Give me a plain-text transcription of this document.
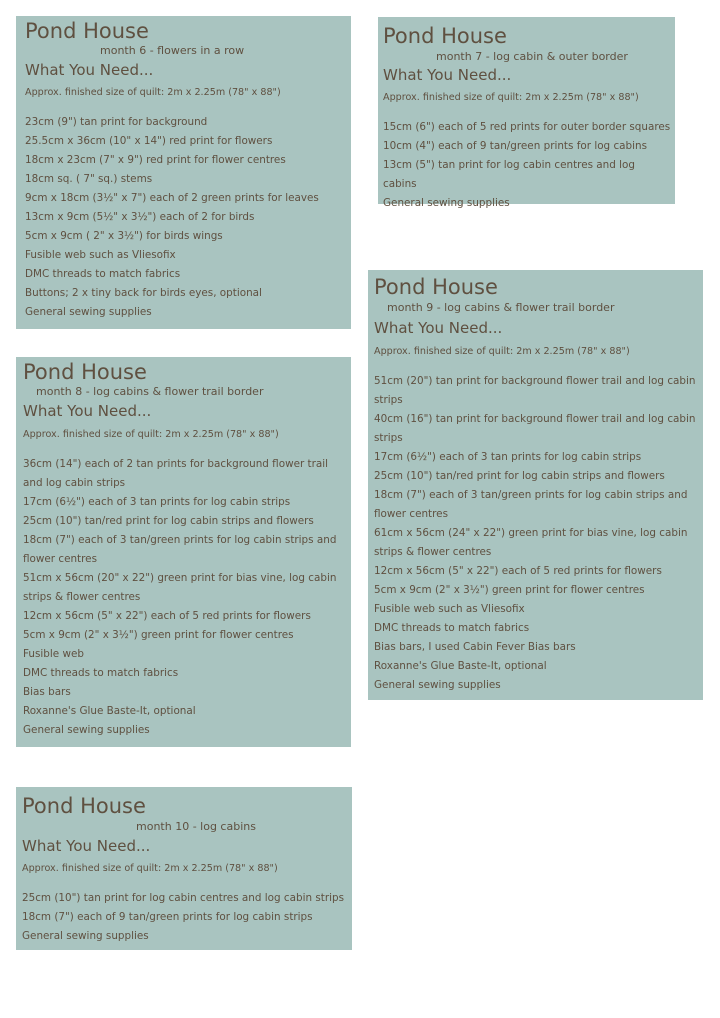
Pond House
month 6 - flowers in a row
What You Need...
Approx. finished size of quilt: 2m x 2.25m (78" x 88")
23cm (9") tan print for background
25.5cm x 36cm (10" x 14") red print for flowers
18cm x 23cm (7" x 9") red print for flower centres
18cm sq. ( 7" sq.) stems
9cm x 18cm (3½" x 7") each of 2 green prints for leaves
13cm x 9cm (5½" x 3½") each of 2 for birds
5cm x 9cm ( 2" x 3½") for birds wings
Fusible web such as Vliesofix
DMC threads to match fabrics
Buttons; 2 x tiny back for birds eyes, optional
General sewing supplies
Pond House
month 7 - log cabin & outer border
What You Need...
Approx. finished size of quilt: 2m x 2.25m (78" x 88")
15cm (6") each of 5 red prints for outer border squares
10cm (4") each of 9 tan/green prints for log cabins
13cm (5") tan print for log cabin centres and log cabins
General sewing supplies
Pond House
month 9 - log cabins & flower trail border
What You Need...
Approx. finished size of quilt: 2m x 2.25m (78" x 88")
51cm (20") tan print for background flower trail and log cabin strips
40cm (16") tan print for background flower trail and log cabin strips
17cm (6½") each of 3 tan prints for log cabin strips
25cm (10") tan/red print for log cabin strips and flowers
18cm (7") each of 3 tan/green prints for log cabin strips and flower centres
61cm x 56cm (24" x 22") green print for bias vine, log cabin strips & flower centres
12cm x 56cm (5" x 22") each of 5 red prints for flowers
5cm x 9cm (2" x 3½") green print for flower centres
Fusible web such as Vliesofix
DMC threads to match fabrics
Bias bars, I used Cabin Fever Bias bars
Roxanne's Glue Baste-It, optional
General sewing supplies
Pond House
month 8 - log cabins & flower trail border
What You Need...
Approx. finished size of quilt: 2m x 2.25m (78" x 88")
36cm (14") each of 2 tan prints for background flower trail and log cabin strips
17cm (6½") each of 3 tan prints for log cabin strips
25cm (10") tan/red print for log cabin strips and flowers
18cm (7") each of 3 tan/green prints for log cabin strips and flower centres
51cm x 56cm (20" x 22") green print for bias vine, log cabin strips & flower centres
12cm x 56cm (5" x 22") each of 5 red prints for flowers
5cm x 9cm (2" x 3½") green print for flower centres
Fusible web
DMC threads to match fabrics
Bias bars
Roxanne's Glue Baste-It, optional
General sewing supplies
Pond House
month 10 - log cabins
What You Need...
Approx. finished size of quilt: 2m x 2.25m (78" x 88")
25cm (10") tan print for log cabin centres and log cabin strips
18cm (7") each of 9 tan/green prints for log cabin strips
General sewing supplies
